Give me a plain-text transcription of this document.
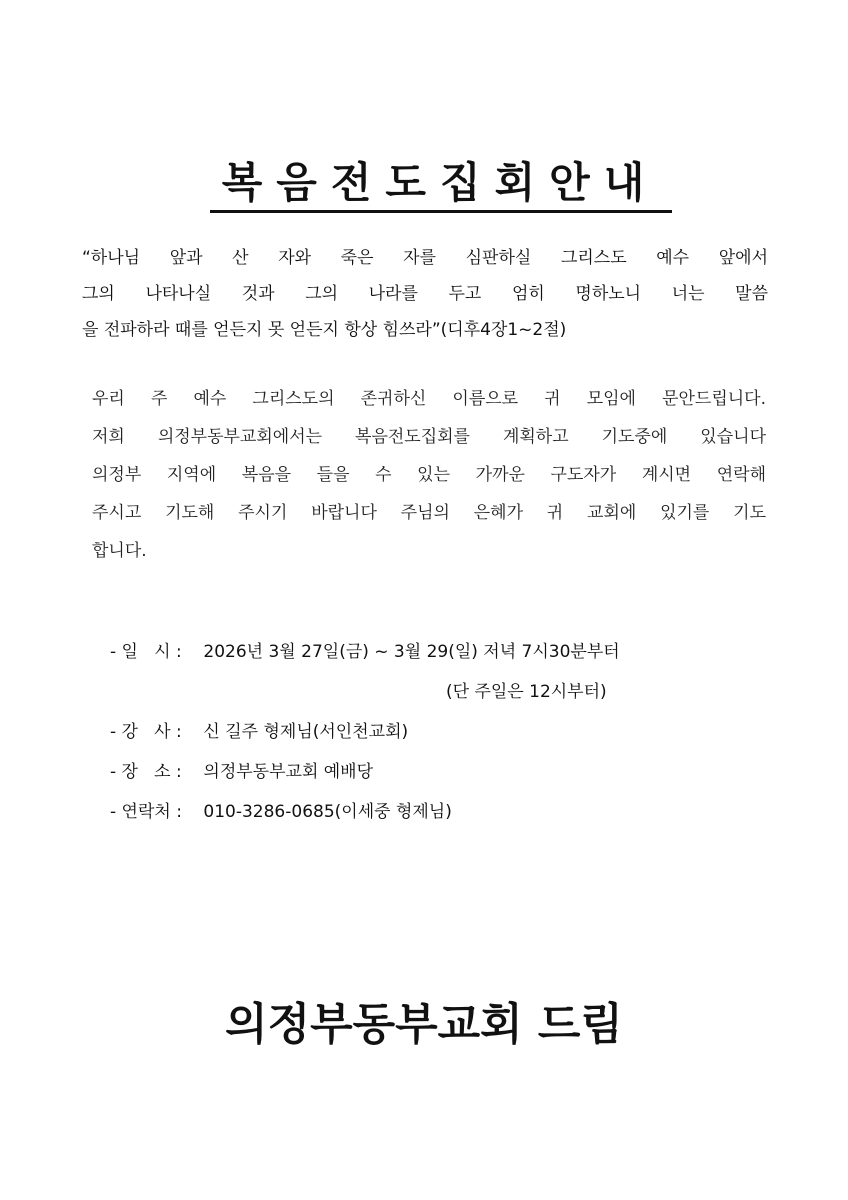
복음전도집회안내
“하나님 앞과 산 자와 죽은 자를 심판하실 그리스도 예수 앞에서
그의 나타나실 것과 그의 나라를 두고 엄히 명하노니 너는 말씀
을 전파하라 때를 얻든지 못 얻든지 항상 힘쓰라”(디후4장1~2절)
우리 주 예수 그리스도의 존귀하신 이름으로 귀 모임에 문안드립니다.
저희 의정부동부교회에서는 복음전도집회를 계획하고 기도중에 있습니다
의정부 지역에 복음을 들을 수 있는 가까운 구도자가 계시면 연락해
주시고 기도해 주시기 바랍니다 주님의 은혜가 귀 교회에 있기를 기도
합니다.
- 일   시 : 2026년 3월 27일(금) ~ 3월 29(일) 저녁 7시30분부터
(단 주일은 12시부터)
- 강   사 : 신 길주 형제님(서인천교회)
- 장   소 : 의정부동부교회 예배당
- 연락처 : 010-3286-0685(이세중 형제님)
의정부동부교회 드림
